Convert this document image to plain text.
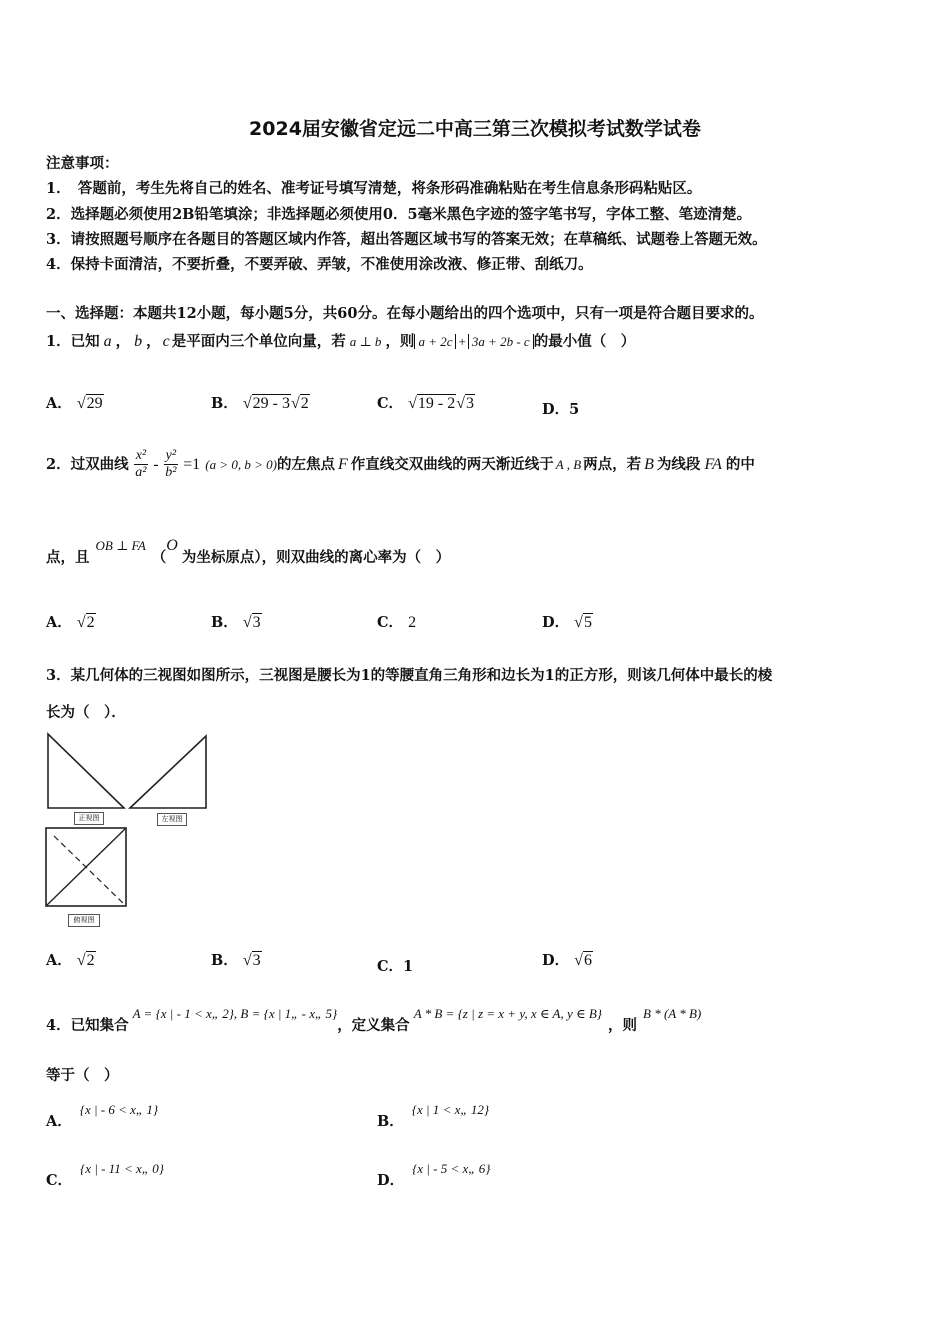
2024届安徽省定远二中高三第三次模拟考试数学试卷
注意事项：
1．　答题前，考生先将自己的姓名、准考证号填写清楚，将条形码准确粘贴在考生信息条形码粘贴区。
2．选择题必须使用2B铅笔填涂；非选择题必须使用0．5毫米黑色字迹的签字笔书写，字体工整、笔迹清楚。
3．请按照题号顺序在各题目的答题区域内作答，超出答题区域书写的答案无效；在草稿纸、试题卷上答题无效。
4．保持卡面清洁，不要折叠，不要弄破、弄皱，不准使用涂改液、修正带、刮纸刀。
一、选择题：本题共12小题，每小题5分，共60分。在每小题给出的四个选项中，只有一项是符合题目要求的。
1．已知 a ， b ， c 是平面内三个单位向量，若 a ⊥ b ，则 a + 2c + 3a + 2b - c 的最小值（　）
A． √29	B． √29 - 3√2	C． √19 - 2√3	D．5
2．过双曲线 $\frac{\text{x²}}{\text{a²}} - \frac{\text{y²}}{\text{b²}} =1$ (a > 0, b > 0)的左焦点 F 作直线交双曲线的两天渐近线于 A , B 两点，若 B 为线段 FA 的中
点，且$^{OB \perp FA}$（O为坐标原点），则双曲线的离心率为（　）
A． √2	B． √3	C． 2	D． √5
3．某几何体的三视图如图所示，三视图是腰长为1的等腰直角三角形和边长为1的正方形，则该几何体中最长的棱
长为（　）．
正视图	左视图
俯视图
A． √2	B． √3	C．1	D． √6
4．已知集合A = {x | - 1 < x„ 2}, B = {x | 1„ - x„ 5}，定义集合A * B = {z | z = x + y, x ∈ A, y ∈ B}，则B * (A * B)
等于（　）
A．{x | - 6 < x„ 1}
B．{x | 1 < x„ 12}
C．{x | - 11 < x„ 0}
D．{x | - 5 < x„ 6}
